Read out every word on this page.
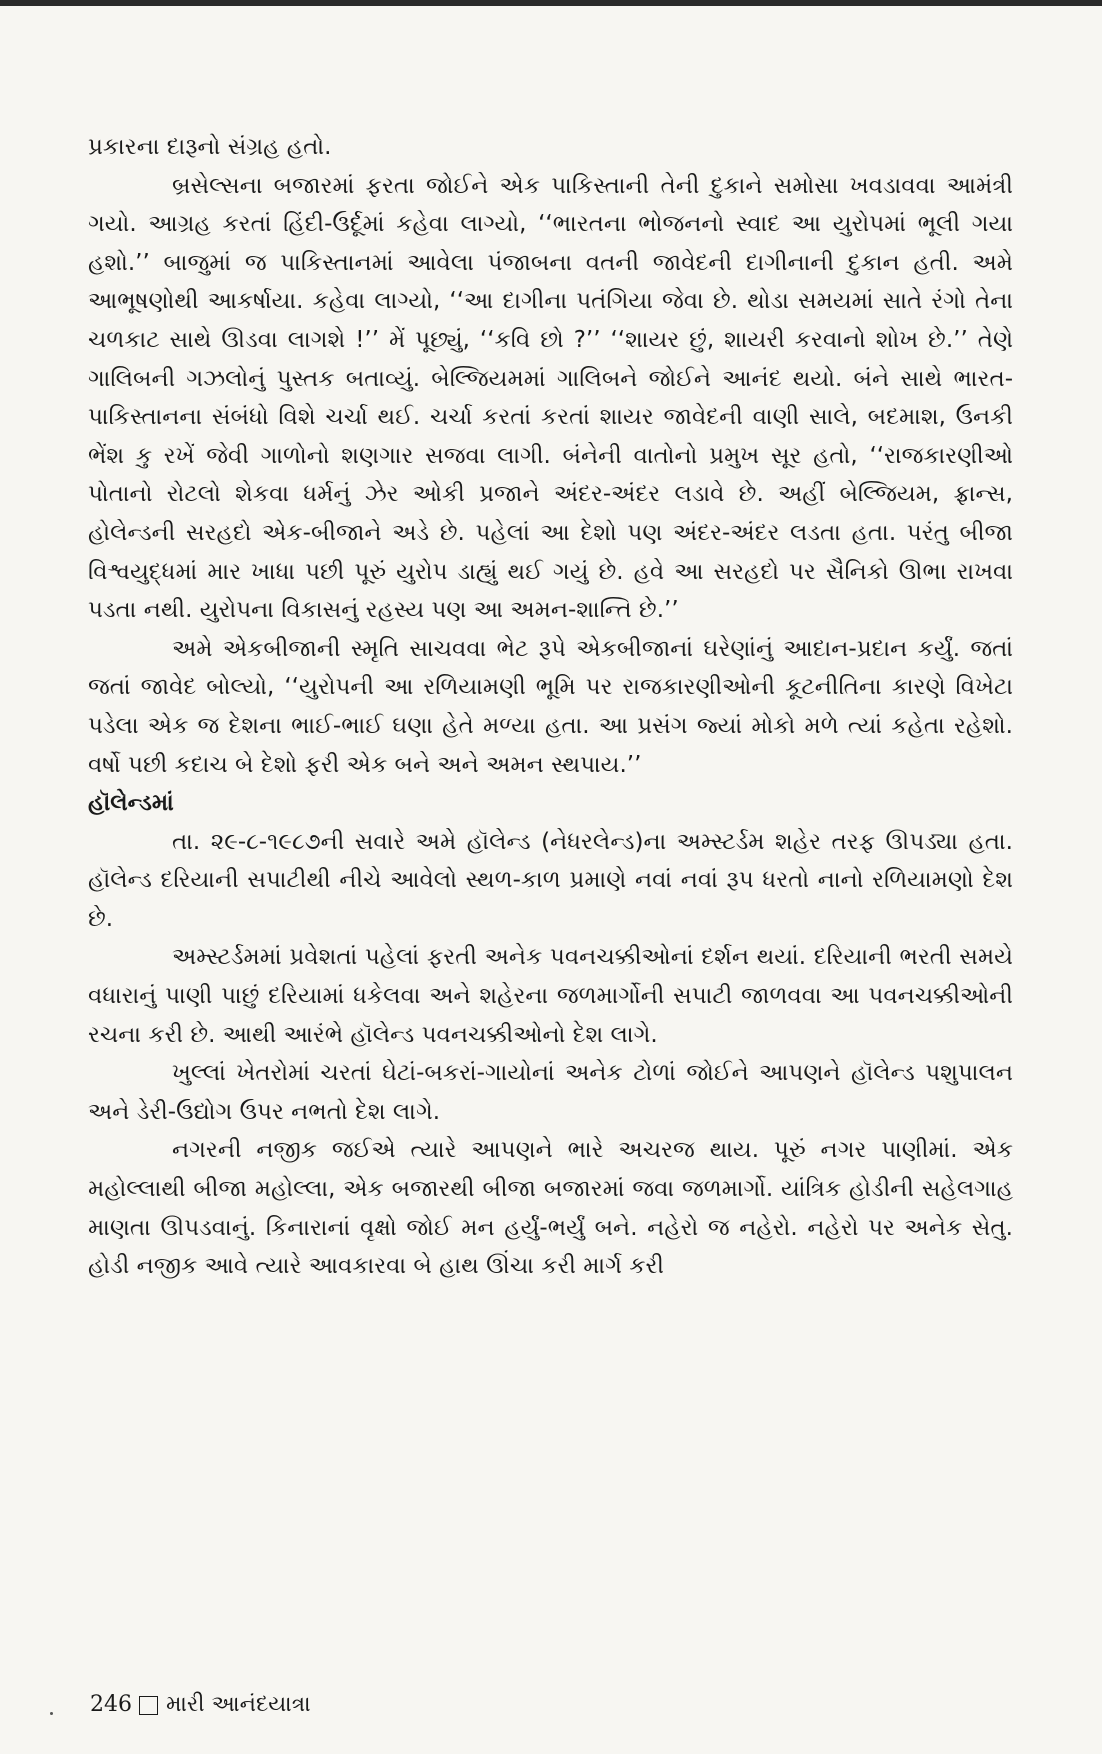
પ્રકારના દારૂનો સંગ્રહ હતો.

બ્રસેલ્સના બજારમાં ફરતા જોઈને એક પાકિસ્તાની તેની દુકાને સમોસા ખવડાવવા આમંત્રી ગયો. આગ્રહ કરતાં હિંદી-ઉર્દૂમાં કહેવા લાગ્યો, ‘‘ભારતના ભોજનનો સ્વાદ આ યુરોપમાં ભૂલી ગયા હશો.’’ બાજુમાં જ પાકિસ્તાનમાં આવેલા પંજાબના વતની જાવેદની દાગીનાની દુકાન હતી. અમે આભૂષણોથી આકર્ષાયા. કહેવા લાગ્યો, ‘‘આ દાગીના પતંગિયા જેવા છે. થોડા સમયમાં સાતે રંગો તેના ચળકાટ સાથે ઊડવા લાગશે !’’ મેં પૂછ્યું, ‘‘કવિ છો ?’’ ‘‘શાયર છું, શાયરી કરવાનો શોખ છે.’’ તેણે ગાલિબની ગઝલોનું પુસ્તક બતાવ્યું. બેલ્જિયમમાં ગાલિબને જોઈને આનંદ થયો. બંને સાથે ભારત-પાકિસ્તાનના સંબંધો વિશે ચર્ચા થઈ. ચર્ચા કરતાં કરતાં શાયર જાવેદની વાણી સાલે, બદમાશ, ઉનકી ભેંશ કુ રખેં જેવી ગાળોનો શણગાર સજવા લાગી. બંનેની વાતોનો પ્રમુખ સૂર હતો, ‘‘રાજકારણીઓ પોતાનો રોટલો શેકવા ધર્મનું ઝેર ઓકી પ્રજાને અંદર-અંદર લડાવે છે. અહીં બેલ્જિયમ, ફ્રાન્સ, હોલેન્ડની સરહદો એક-બીજાને અડે છે. પહેલાં આ દેશો પણ અંદર-અંદર લડતા હતા. પરંતુ બીજા વિશ્વયુદ્ધમાં માર ખાધા પછી પૂરું યુરોપ ડાહ્યું થઈ ગયું છે. હવે આ સરહદો પર સૈનિકો ઊભા રાખવા પડતા નથી. યુરોપના વિકાસનું રહસ્ય પણ આ અમન-શાન્તિ છે.’’

અમે એકબીજાની સ્મૃતિ સાચવવા ભેટ રૂપે એકબીજાનાં ઘરેણાંનું આદાન-પ્રદાન કર્યું. જતાં જતાં જાવેદ બોલ્યો, ‘‘યુરોપની આ રળિયામણી ભૂમિ પર રાજકારણીઓની કૂટનીતિના કારણે વિખેટા પડેલા એક જ દેશના ભાઈ-ભાઈ ઘણા હેતે મળ્યા હતા. આ પ્રસંગ જ્યાં મોકો મળે ત્યાં કહેતા રહેશો. વર્ષો પછી કદાચ બે દેશો ફરી એક બને અને અમન સ્થપાય.’’

હૉલેન્ડમાં

તા. ૨૯-૮-૧૯૮૭ની સવારે અમે હૉલેન્ડ (નેધરલેન્ડ)ના અમ્સ્ટર્ડમ શહેર તરફ ઊપડ્યા હતા. હૉલેન્ડ દરિયાની સપાટીથી નીચે આવેલો સ્થળ-કાળ પ્રમાણે નવાં નવાં રૂપ ધરતો નાનો રળિયામણો દેશ છે.

અમ્સ્ટર્ડમમાં પ્રવેશતાં પહેલાં ફરતી અનેક પવનચક્કીઓનાં દર્શન થયાં. દરિયાની ભરતી સમયે વધારાનું પાણી પાછું દરિયામાં ધકેલવા અને શહેરના જળમાર્ગોની સપાટી જાળવવા આ પવનચક્કીઓની રચના કરી છે. આથી આરંભે હૉલેન્ડ પવનચક્કીઓનો દેશ લાગે.

ખુલ્લાં ખેતરોમાં ચરતાં ઘેટાં-બકરાં-ગાયોનાં અનેક ટોળાં જોઈને આપણને હૉલેન્ડ પશુપાલન અને ડેરી-ઉદ્યોગ ઉપર નભતો દેશ લાગે.

નગરની નજીક જઈએ ત્યારે આપણને ભારે અચરજ થાય. પૂરું નગર પાણીમાં. એક મહોલ્લાથી બીજા મહોલ્લા, એક બજારથી બીજા બજારમાં જવા જળમાર્ગો. યાંત્રિક હોડીની સહેલગાહ માણતા ઊપડવાનું. કિનારાનાં વૃક્ષો જોઈ મન હર્યું-ભર્યું બને. નહેરો જ નહેરો. નહેરો પર અનેક સેતુ. હોડી નજીક આવે ત્યારે આવકારવા બે હાથ ઊંચા કરી માર્ગ કરી

246 મારી આનંદયાત્રા
